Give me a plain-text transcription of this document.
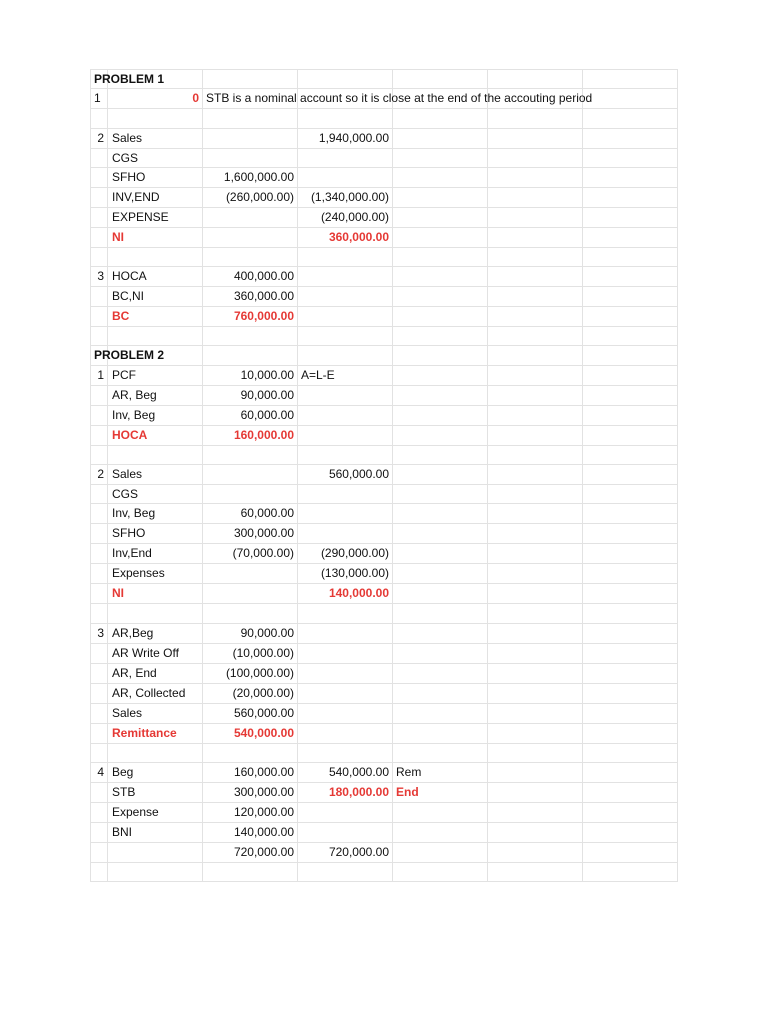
PROBLEM 1						

1	0	STB is a nominal account so it is close at the end of the accouting period				

2	Sales		1,940,000.00			

	CGS					

	SFHO	1,600,000.00				
	INV,END	(260,000.00)	(1,340,000.00)			

	EXPENSE		(240,000.00)			

	NI		360,000.00			

3	HOCA	400,000.00				
	BC,NI	360,000.00				
	BC	760,000.00				

PROBLEM 2						

1	PCF	10,000.00	A=L-E			

	AR, Beg	90,000.00				
	Inv, Beg	60,000.00				
	HOCA	160,000.00				

2	Sales		560,000.00			

	CGS					

	Inv, Beg	60,000.00				
	SFHO	300,000.00				
	Inv,End	(70,000.00)	(290,000.00)			

	Expenses		(130,000.00)			

	NI		140,000.00			

3	AR,Beg	90,000.00				
	AR Write Off	(10,000.00)				
	AR, End	(100,000.00)				
	AR, Collected	(20,000.00)				
	Sales	560,000.00				
	Remittance	540,000.00				

4	Beg	160,000.00	540,000.00	Rem		

	STB	300,000.00	180,000.00	End		

	Expense	120,000.00				
	BNI	140,000.00				
		720,000.00	720,000.00			
